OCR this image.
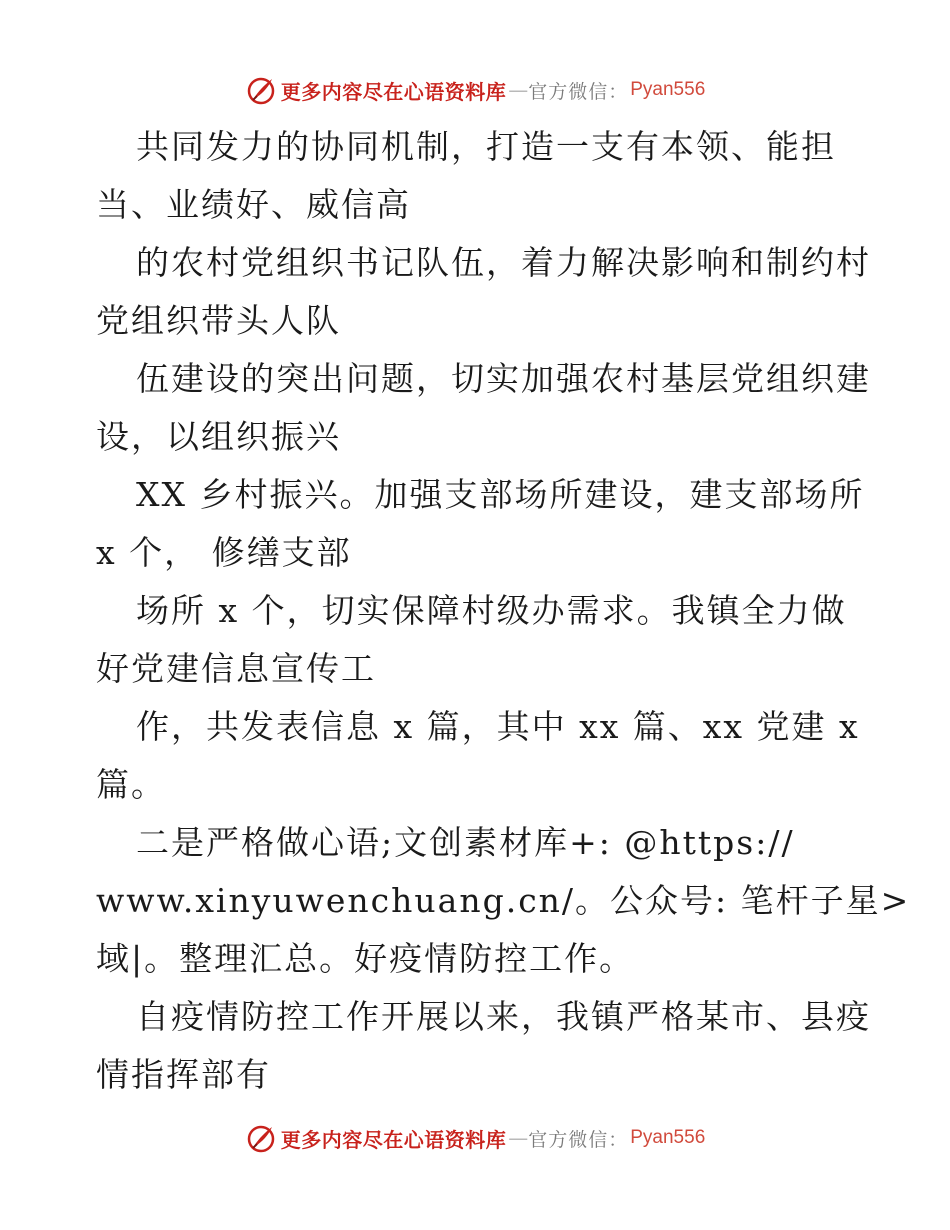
更多内容尽在心语资料库 — 官方微信： Pyan556
共同发力的协同机制，打造一支有本领、能担
当、业绩好、威信高
的农村党组织书记队伍，着力解决影响和制约村
党组织带头人队
伍建设的突出问题，切实加强农村基层党组织建
设，以组织振兴
XX 乡村振兴。加强支部场所建设，建支部场所
x 个， 修缮支部
场所 x 个，切实保障村级办需求。我镇全力做
好党建信息宣传工
作，共发表信息 x 篇，其中 xx 篇、xx 党建 x
篇。
二是严格做心语;文创素材库+: @https://
www.xinyuwenchuang.cn/。公众号: 笔杆子星>
域|。整理汇总。好疫情防控工作。
自疫情防控工作开展以来，我镇严格某市、县疫
情指挥部有
更多内容尽在心语资料库 — 官方微信： Pyan556
